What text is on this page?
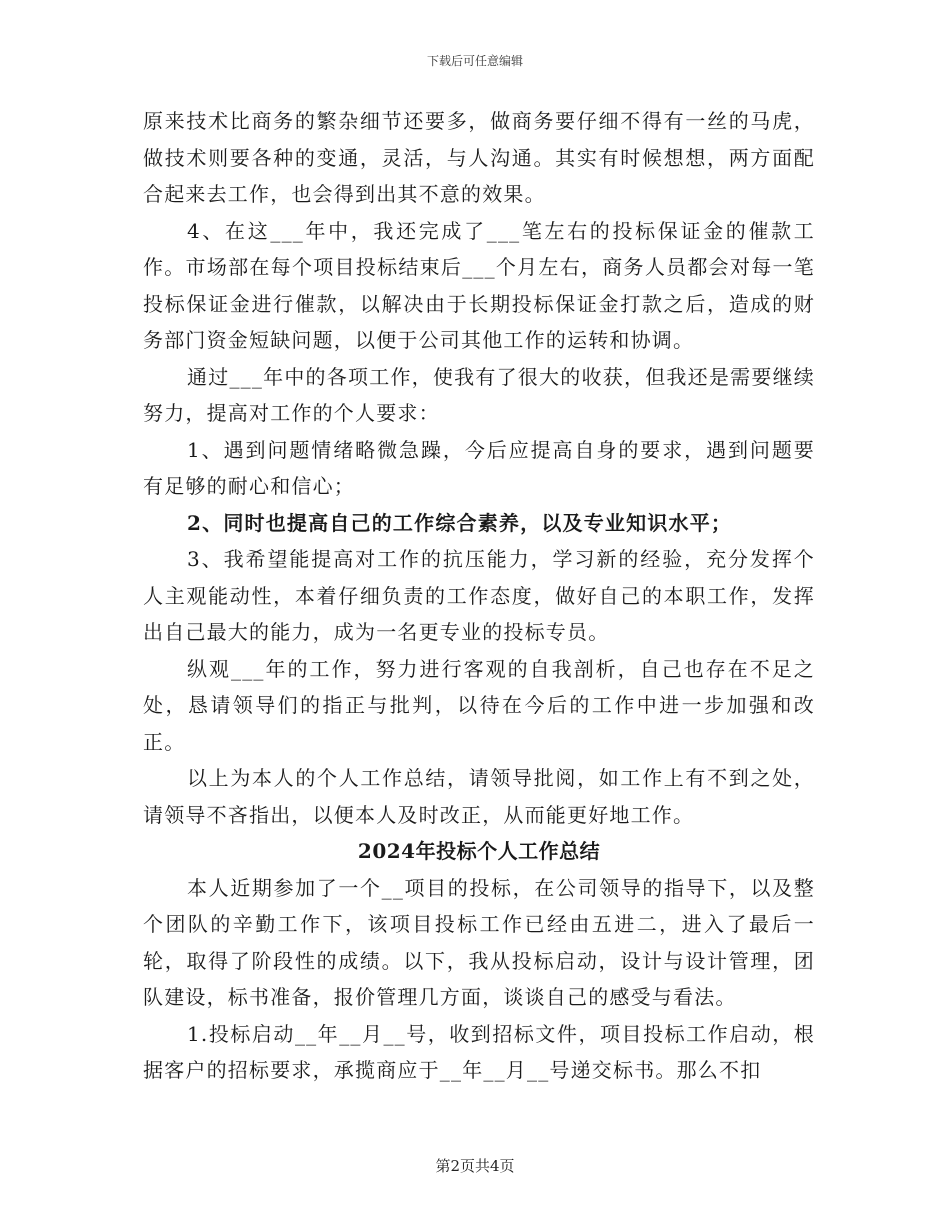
下载后可任意编辑

原来技术比商务的繁杂细节还要多，做商务要仔细不得有一丝的马虎，做技术则要各种的变通，灵活，与人沟通。其实有时候想想，两方面配合起来去工作，也会得到出其不意的效果。

4、在这___年中，我还完成了___笔左右的投标保证金的催款工作。市场部在每个项目投标结束后___个月左右，商务人员都会对每一笔投标保证金进行催款，以解决由于长期投标保证金打款之后，造成的财务部门资金短缺问题，以便于公司其他工作的运转和协调。

通过___年中的各项工作，使我有了很大的收获，但我还是需要继续努力，提高对工作的个人要求：

1、遇到问题情绪略微急躁，今后应提高自身的要求，遇到问题要有足够的耐心和信心；

2、同时也提高自己的工作综合素养，以及专业知识水平；

3、我希望能提高对工作的抗压能力，学习新的经验，充分发挥个人主观能动性，本着仔细负责的工作态度，做好自己的本职工作，发挥出自己最大的能力，成为一名更专业的投标专员。

纵观___年的工作，努力进行客观的自我剖析，自己也存在不足之处，恳请领导们的指正与批判，以待在今后的工作中进一步加强和改正。

以上为本人的个人工作总结，请领导批阅，如工作上有不到之处，请领导不吝指出，以便本人及时改正，从而能更好地工作。

2024年投标个人工作总结

本人近期参加了一个__项目的投标，在公司领导的指导下，以及整个团队的辛勤工作下，该项目投标工作已经由五进二，进入了最后一轮，取得了阶段性的成绩。以下，我从投标启动，设计与设计管理，团队建设，标书准备，报价管理几方面，谈谈自己的感受与看法。

1.投标启动__年__月__号，收到招标文件，项目投标工作启动，根据客户的招标要求，承揽商应于__年__月__号递交标书。那么不扣

第2页共4页
